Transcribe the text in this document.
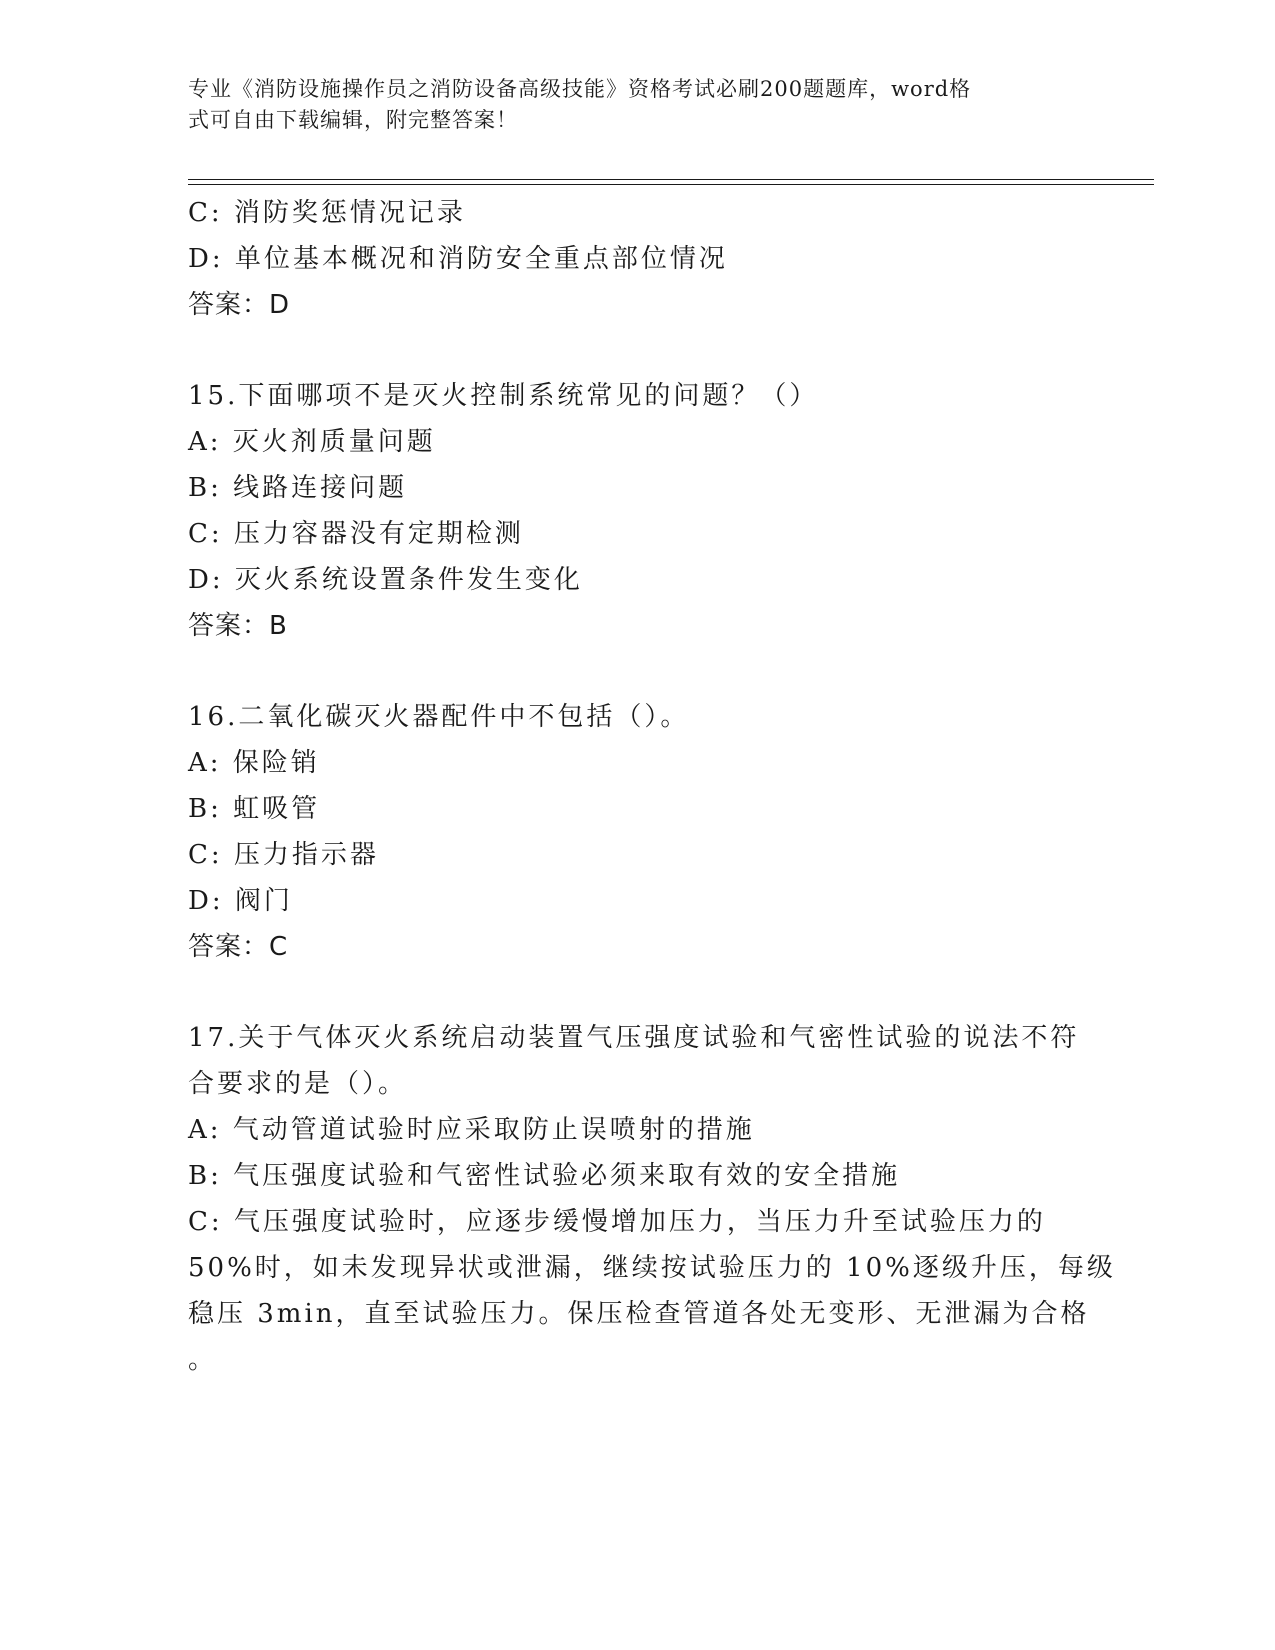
专业《消防设施操作员之消防设备高级技能》资格考试必刷200题题库，word格
式可自由下载编辑，附完整答案！
C: 消防奖惩情况记录
D: 单位基本概况和消防安全重点部位情况
答案：D
15.下面哪项不是灭火控制系统常见的问题？（）
A: 灭火剂质量问题
B: 线路连接问题
C: 压力容器没有定期检测
D: 灭火系统设置条件发生变化
答案：B
16.二氧化碳灭火器配件中不包括（）。
A: 保险销
B: 虹吸管
C: 压力指示器
D: 阀门
答案：C
17.关于气体灭火系统启动装置气压强度试验和气密性试验的说法不符
合要求的是（）。
A: 气动管道试验时应采取防止误喷射的措施
B: 气压强度试验和气密性试验必须来取有效的安全措施
C: 气压强度试验时，应逐步缓慢增加压力，当压力升至试验压力的
50%时，如未发现异状或泄漏，继续按试验压力的 10%逐级升压，每级
稳压 3min，直至试验压力。保压检查管道各处无变形、无泄漏为合格
。
